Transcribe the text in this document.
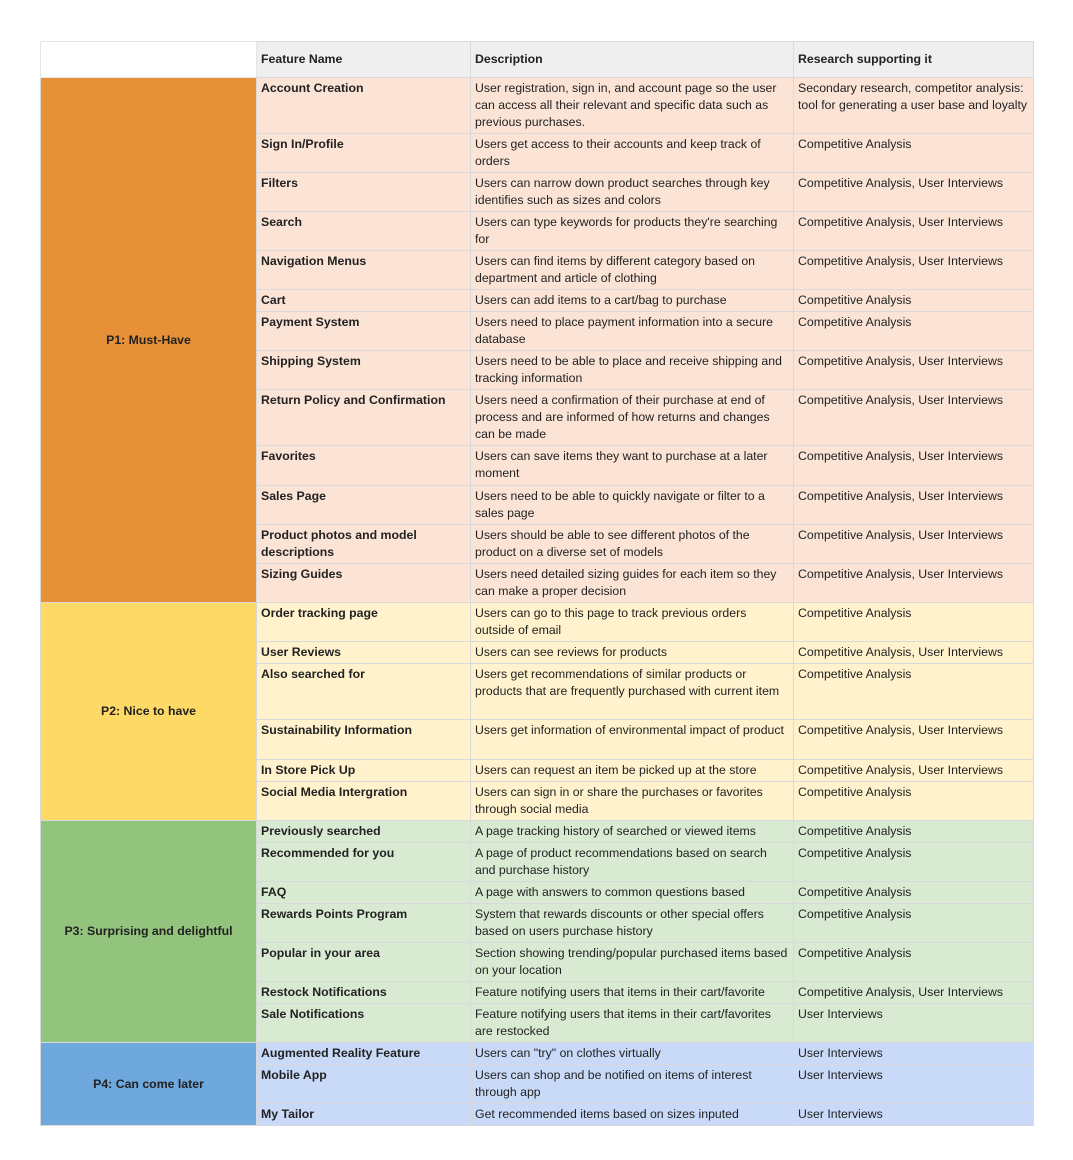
	Feature Name	Description	Research supporting it
P1: Must-Have	Account Creation	User registration, sign in, and account page so the user can access all their relevant and specific data such as previous purchases.	Secondary research, competitor analysis: tool for generating a user base and loyalty
	Sign In/Profile	Users get access to their accounts and keep track of orders	Competitive Analysis
	Filters	Users can narrow down product searches through key identifies such as sizes and colors	Competitive Analysis, User Interviews
	Search	Users can type keywords for products they're searching for	Competitive Analysis, User Interviews
	Navigation Menus	Users can find items by different category based on department and article of clothing	Competitive Analysis, User Interviews
	Cart	Users can add items to a cart/bag to purchase	Competitive Analysis
	Payment System	Users need to place payment information into a secure database	Competitive Analysis
	Shipping System	Users need to be able to place and receive shipping and tracking information	Competitive Analysis, User Interviews
	Return Policy and Confirmation	Users need a confirmation of their purchase at end of process and are informed of how returns and changes can be made	Competitive Analysis, User Interviews
	Favorites	Users can save items they want to purchase at a later moment	Competitive Analysis, User Interviews
	Sales Page	Users need to be able to quickly navigate or filter to a sales page	Competitive Analysis, User Interviews
	Product photos and model descriptions	Users should be able to see different photos of the product on a diverse set of models	Competitive Analysis, User Interviews
	Sizing Guides	Users need detailed sizing guides for each item so they can make a proper decision	Competitive Analysis, User Interviews
P2: Nice to have	Order tracking page	Users can go to this page to track previous orders outside of email	Competitive Analysis
	User Reviews	Users can see reviews for products	Competitive Analysis, User Interviews
	Also searched for	Users get recommendations of similar products or products that are frequently purchased with current item	Competitive Analysis
	Sustainability Information	Users get information of environmental impact of product	Competitive Analysis, User Interviews
	In Store Pick Up	Users can request an item be picked up at the store	Competitive Analysis, User Interviews
	Social Media Intergration	Users can sign in or share the purchases or favorites through social media	Competitive Analysis
P3: Surprising and delightful	Previously searched	A page tracking history of searched or viewed items	Competitive Analysis
	Recommended for you	A page of product recommendations based on search and purchase history	Competitive Analysis
	FAQ	A page with answers to common questions based	Competitive Analysis
	Rewards Points Program	System that rewards discounts or other special offers based on users purchase history	Competitive Analysis
	Popular in your area	Section showing trending/popular purchased items based on your location	Competitive Analysis
	Restock Notifications	Feature notifying users that items in their cart/favorite	Competitive Analysis, User Interviews
	Sale Notifications	Feature notifying users that items in their cart/favorites are restocked	User Interviews
P4: Can come later	Augmented Reality Feature	Users can "try" on clothes virtually	User Interviews
	Mobile App	Users can shop and be notified on items of interest through app	User Interviews
	My Tailor	Get recommended items based on sizes inputed	User Interviews
